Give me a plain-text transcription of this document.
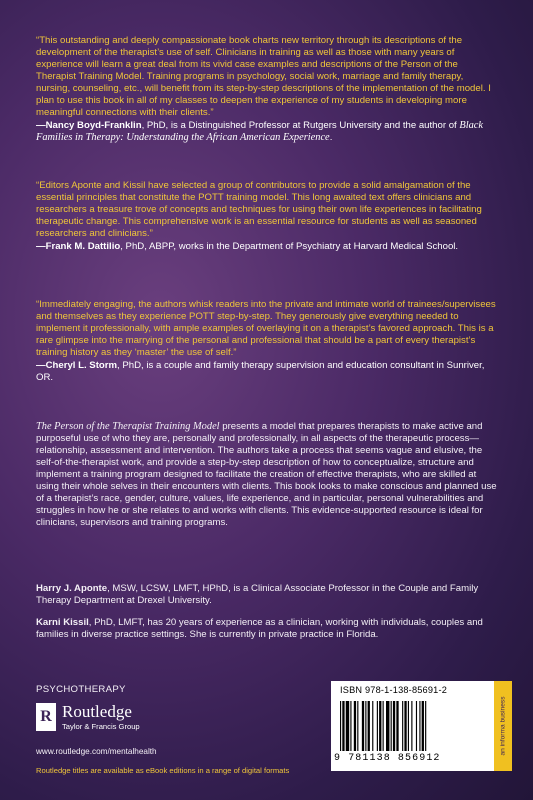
“This outstanding and deeply compassionate book charts new territory through its descriptions of the development of the therapist’s use of self. Clinicians in training as well as those with many years of experience will learn a great deal from its vivid case examples and descriptions of the Person of the Therapist Training Model. Training programs in psychology, social work, marriage and family therapy, nursing, counseling, etc., will benefit from its step-by-step descriptions of the implementation of the model. I plan to use this book in all of my classes to deepen the experience of my students in developing more meaningful connections with their clients.”

—Nancy Boyd-Franklin, PhD, is a Distinguished Professor at Rutgers University and the author of Black Families in Therapy: Understanding the African American Experience.

“Editors Aponte and Kissil have selected a group of contributors to provide a solid amalgamation of the essential principles that constitute the POTT training model. This long awaited text offers clinicians and researchers a treasure trove of concepts and techniques for using their own life experiences in facilitating therapeutic change. This comprehensive work is an essential resource for students as well as seasoned researchers and clinicians.”

—Frank M. Dattilio, PhD, ABPP, works in the Department of Psychiatry at Harvard Medical School.

“Immediately engaging, the authors whisk readers into the private and intimate world of trainees/supervisees and themselves as they experience POTT step-by-step. They generously give everything needed to implement it professionally, with ample examples of overlaying it on a therapist’s favored approach. This is a rare glimpse into the marrying of the personal and professional that should be a part of every therapist’s training history as they ‘master’ the use of self.”

—Cheryl L. Storm, PhD, is a couple and family therapy supervision and education consultant in Sunriver, OR.
The Person of the Therapist Training Model presents a model that prepares therapists to make active and purposeful use of who they are, personally and professionally, in all aspects of the therapeutic process—relationship, assessment and intervention. The authors take a process that seems vague and elusive, the self-of-the-therapist work, and provide a step-by-step description of how to conceptualize, structure and implement a training program designed to facilitate the creation of effective therapists, who are skilled at using their whole selves in their encounters with clients. This book looks to make conscious and planned use of a therapist’s race, gender, culture, values, life experience, and in particular, personal vulnerabilities and struggles in how he or she relates to and works with clients. This evidence-supported resource is ideal for clinicians, supervisors and training programs.
Harry J. Aponte, MSW, LCSW, LMFT, HPhD, is a Clinical Associate Professor in the Couple and Family Therapy Department at Drexel University.
Karni Kissil, PhD, LMFT, has 20 years of experience as a clinician, working with individuals, couples and families in diverse practice settings. She is currently in private practice in Florida.
PSYCHOTHERAPY
R Routledge
Taylor & Francis Group
www.routledge.com/mentalhealth
Routledge titles are available as eBook editions in a range of digital formats
ISBN 978-1-138-85691-2
9 781138 856912
an informa business
